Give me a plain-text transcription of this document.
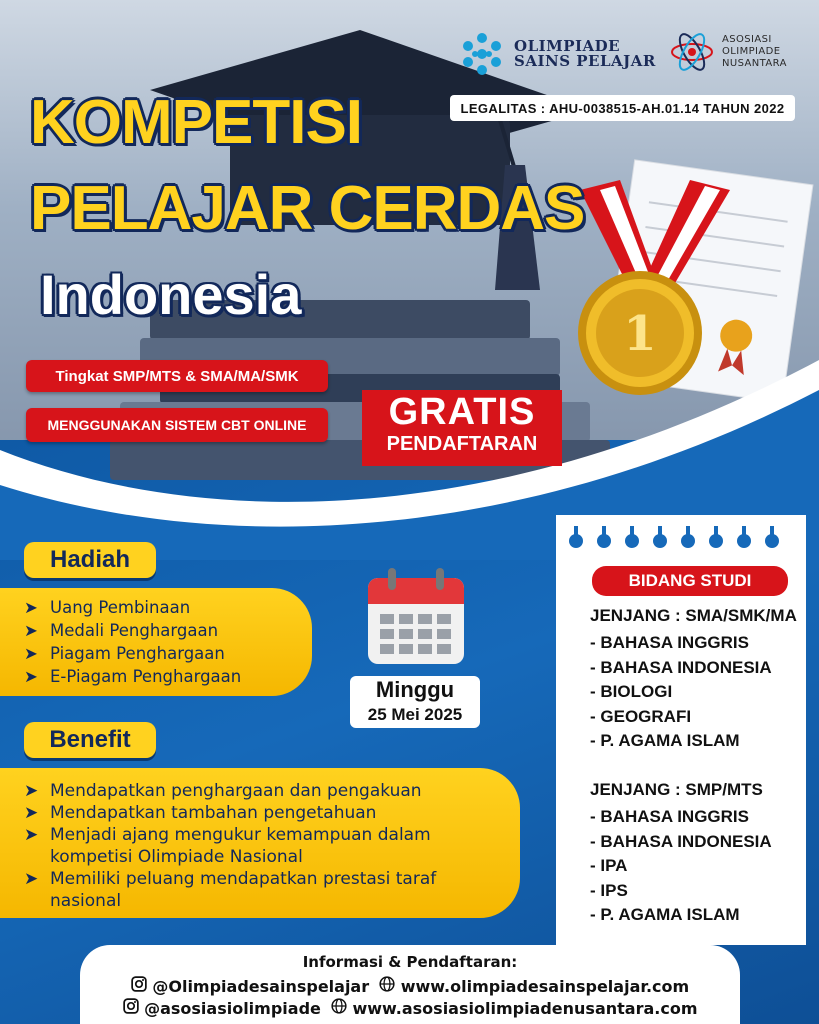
1
OLIMPIADE
SAINS PELAJAR
ASOSIASI
OLIMPIADE
NUSANTARA
LEGALITAS : AHU-0038515-AH.01.14 TAHUN 2022
KOMPETISI
PELAJAR CERDAS
Indonesia
Tingkat SMP/MTS & SMA/MA/SMK
MENGGUNAKAN SISTEM CBT ONLINE	GRATIS
PENDAFTARAN
Hadiah
➤ Uang Pembinaan
➤ Medali Penghargaan
➤ Piagam Penghargaan
➤ E-Piagam Penghargaan
Benefit
➤ Mendapatkan penghargaan dan pengakuan
➤ Mendapatkan tambahan pengetahuan
➤ Menjadi ajang mengukur kemampuan dalam kompetisi Olimpiade Nasional
➤ Memiliki peluang mendapatkan prestasi taraf nasional
Minggu
25 Mei 2025
BIDANG STUDI
JENJANG : SMA/SMK/MA
- BAHASA INGGRIS
- BAHASA INDONESIA
- BIOLOGI
- GEOGRAFI
- P. AGAMA ISLAM
JENJANG : SMP/MTS
- BAHASA INGGRIS
- BAHASA INDONESIA
- IPA
- IPS
- P. AGAMA ISLAM
Informasi & Pendaftaran:
@Olimpiadesainspelajar	www.olimpiadesainspelajar.com
@asosiasiolimpiade	www.asosiasiolimpiadenusantara.com
